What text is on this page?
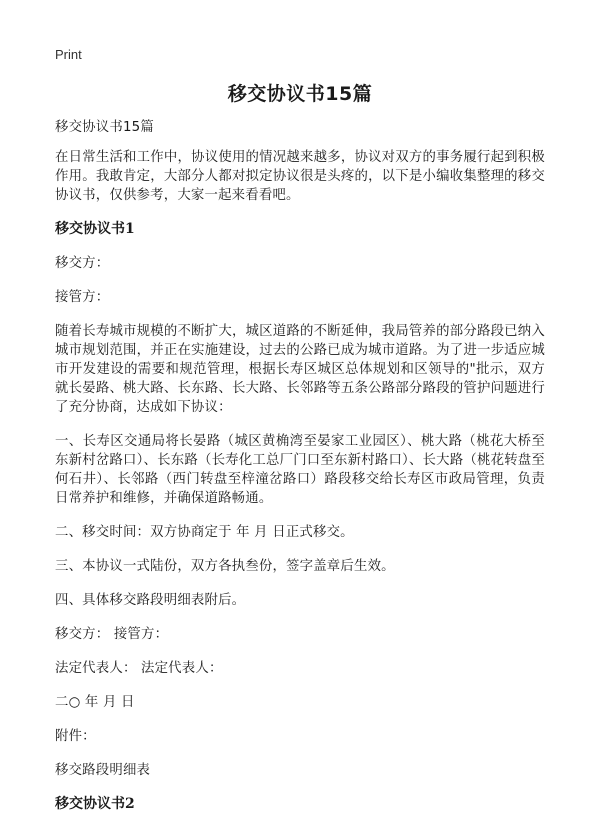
Print
移交协议书15篇

移交协议书15篇

在日常生活和工作中，协议使用的情况越来越多，协议对双方的事务履行起到积极作用。我敢肯定，大部分人都对拟定协议很是头疼的，以下是小编收集整理的移交协议书，仅供参考，大家一起来看看吧。

移交协议书1

移交方：

接管方：

随着长寿城市规模的不断扩大，城区道路的不断延伸，我局管养的部分路段已纳入城市规划范围，并正在实施建设，过去的公路已成为城市道路。为了进一步适应城市开发建设的需要和规范管理，根据长寿区城区总体规划和区领导的"批示，双方就长晏路、桃大路、长东路、长大路、长邻路等五条公路部分路段的管护问题进行了充分协商，达成如下协议：

一、长寿区交通局将长晏路（城区黄桷湾至晏家工业园区）、桃大路（桃花大桥至东新村岔路口）、长东路（长寿化工总厂门口至东新村路口）、长大路（桃花转盘至何石井）、长邻路（西门转盘至梓潼岔路口）路段移交给长寿区市政局管理，负责日常养护和维修，并确保道路畅通。

二、移交时间：双方协商定于 年 月 日正式移交。

三、本协议一式陆份，双方各执叁份，签字盖章后生效。

四、具体移交路段明细表附后。

移交方： 接管方：

法定代表人： 法定代表人：

二○ 年 月 日

附件：

移交路段明细表

移交协议书2
